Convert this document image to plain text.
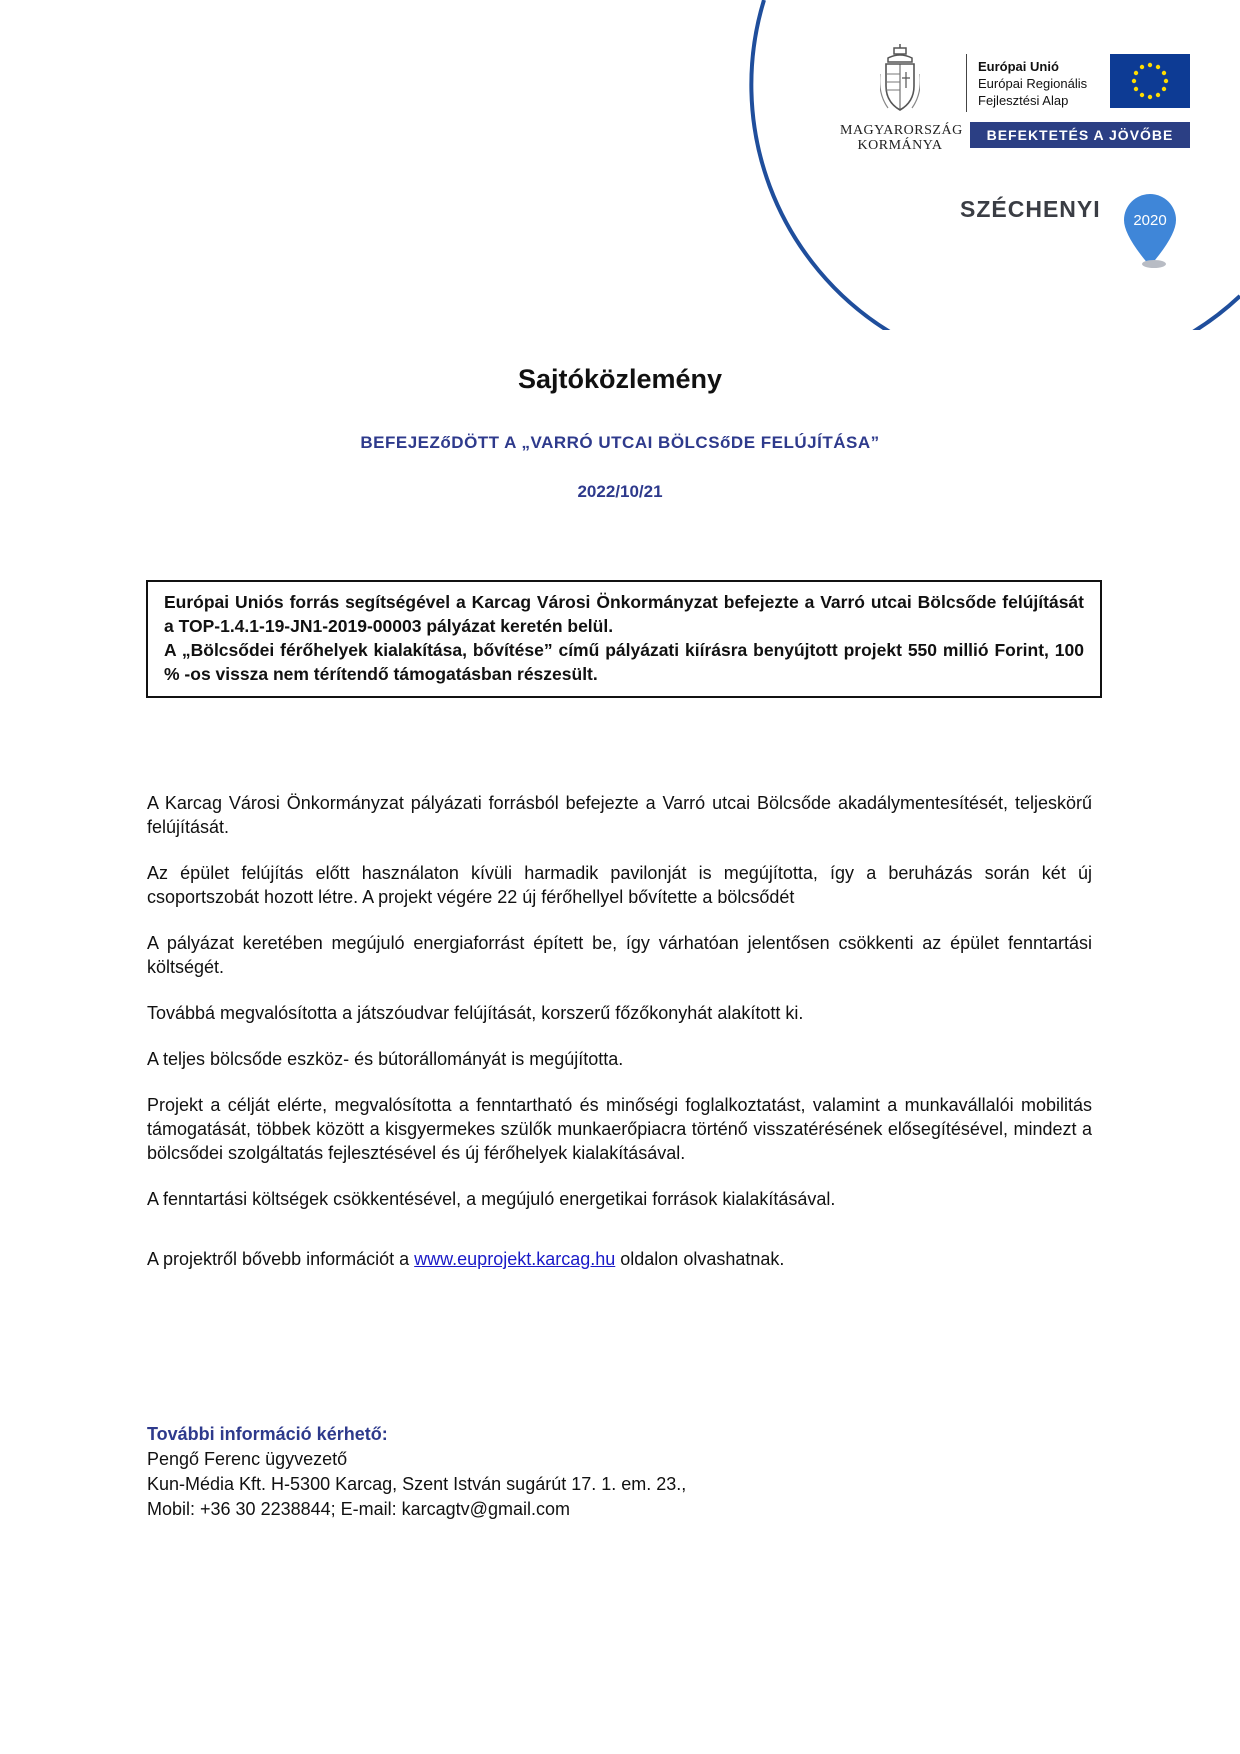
MAGYARORSZÁG
KORMÁNYA
Európai Unió
Európai Regionális
Fejlesztési Alap
BEFEKTETÉS A JÖVŐBE
SZÉCHENYI 2020
Sajtóközlemény
BEFEJEZőDÖTT A „VARRÓ UTCAI BÖLCSőDE FELÚJÍTÁSA”
2022/10/21

Európai Uniós forrás segítségével a Karcag Városi Önkormányzat befejezte a Varró utcai Bölcsőde felújítását a TOP-1.4.1-19-JN1-2019-00003 pályázat keretén belül.

A „Bölcsődei férőhelyek kialakítása, bővítése” című pályázati kiírásra benyújtott projekt 550 millió Forint, 100 % -os vissza nem térítendő támogatásban részesült.

A Karcag Városi Önkormányzat pályázati forrásból befejezte a Varró utcai Bölcsőde akadálymentesítését, teljeskörű felújítását.

Az épület felújítás előtt használaton kívüli harmadik pavilonját is megújította, így a beruházás során két új csoportszobát hozott létre. A projekt végére 22 új férőhellyel bővítette a bölcsődét

A pályázat keretében megújuló energiaforrást épített be, így várhatóan jelentősen csökkenti az épület fenntartási költségét.

Továbbá megvalósította a játszóudvar felújítását, korszerű főzőkonyhát alakított ki.

A teljes bölcsőde eszköz- és bútorállományát is megújította.

Projekt a célját elérte, megvalósította a fenntartható és minőségi foglalkoztatást, valamint a munkavállalói mobilitás támogatását, többek között a kisgyermekes szülők munkaerőpiacra történő visszatérésének elősegítésével, mindezt a bölcsődei szolgáltatás fejlesztésével és új férőhelyek kialakításával.

A fenntartási költségek csökkentésével, a megújuló energetikai források kialakításával.

A projektről bővebb információt a www.euprojekt.karcag.hu oldalon olvashatnak.

További információ kérhető:
Pengő Ferenc ügyvezető
Kun-Média Kft. H-5300 Karcag, Szent István sugárút 17. 1. em. 23.,
Mobil: +36 30 2238844; E-mail: karcagtv@gmail.com
